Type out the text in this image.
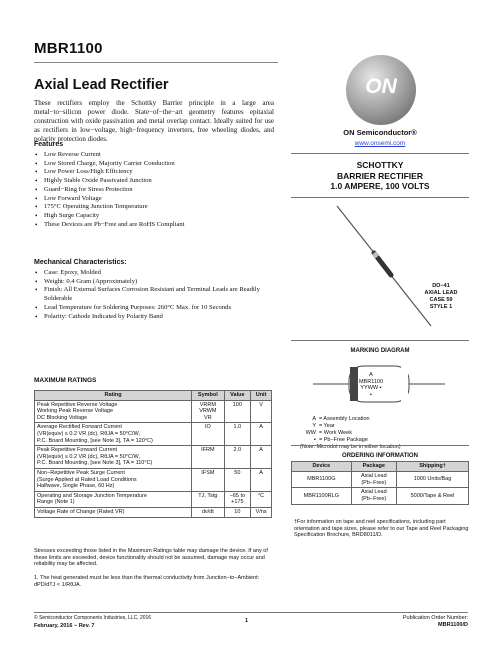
MBR1100
Axial Lead Rectifier
These rectifiers employ the Schottky Barrier principle in a large area metal−to−silicon power diode. State−of−the−art geometry features epitaxial construction with oxide passivation and metal overlap contact. Ideally suited for use as rectifiers in low−voltage, high−frequency inverters, free wheeling diodes, and polarity protection diodes.
Features
• Low Reverse Current
• Low Stored Charge, Majority Carrier Conduction
• Low Power Loss/High Efficiency
• Highly Stable Oxide Passivated Junction
• Guard−Ring for Stress Protection
• Low Forward Voltage
• 175°C Operating Junction Temperature
• High Surge Capacity
• These Devices are Pb−Free and are RoHS Compliant
Mechanical Characteristics:
• Case: Epoxy, Molded
• Weight: 0.4 Gram (Approximately)
• Finish: All External Surfaces Corrosion Resistant and Terminal Leads are Readily Solderable
• Lead Temperature for Soldering Purposes: 260°C Max. for 10 Seconds
• Polarity: Cathode Indicated by Polarity Band
MAXIMUM RATINGS
Rating	Symbol	Value	Unit
Peak Repetitive Reverse Voltage
Working Peak Reverse Voltage
DC Blocking Voltage	VRRM
VRWM
VR	100	V
Average Rectified Forward Current
(VR(equiv) ≤ 0.2 VR (dc), RθJA = 50°C/W,
P.C. Board Mounting, [see Note 3], TA = 120°C)	IO	1.0	A
Peak Repetitive Forward Current
(VR(equiv) ≤ 0.2 VR (dc), RθJA = 50°C/W,
P.C. Board Mounting, [see Note 3], TA = 110°C)	IFRM	2.0	A
Non−Repetitive Peak Surge Current
(Surge Applied at Rated Load Conditions
Halfwave, Single Phase, 60 Hz)	IFSM	50	A
Operating and Storage Junction Temperature
Range (Note 1)	TJ, Tstg	−65 to
+175	°C
Voltage Rate of Change (Rated VR)	dv/dt	10	V/ns
Stresses exceeding those listed in the Maximum Ratings table may damage the device. If any of these limits are exceeded, device functionality should not be assumed, damage may occur and reliability may be affected.
1. The heat generated must be less than the thermal conductivity from Junction−to−Ambient: dPD/dTJ < 1/RθJA.
ON
ON Semiconductor®
www.onsemi.com
SCHOTTKY
BARRIER RECTIFIER
1.0 AMPERE, 100 VOLTS
DO−41
AXIAL LEAD
CASE 59
STYLE 1
MARKING DIAGRAM
A
MBR1100
YYWW ▪
▪
A = Assembly Location
Y = Year
WW = Work Week
▪ = Pb−Free Package
(Note: Microdot may be in either location)
ORDERING INFORMATION
Device	Package	Shipping†
MBR1100G	Axial Lead
(Pb−Free)	1000 Units/Bag
MBR1100RLG	Axial Lead
(Pb−Free)	5000/Tape & Reel
†For information on tape and reel specifications, including part orientation and tape sizes, please refer to our Tape and Reel Packaging Specification Brochure, BRD8011/D.
© Semiconductor Components Industries, LLC, 2016
February, 2016 − Rev. 7
1	Publication Order Number:
MBR1100/D
